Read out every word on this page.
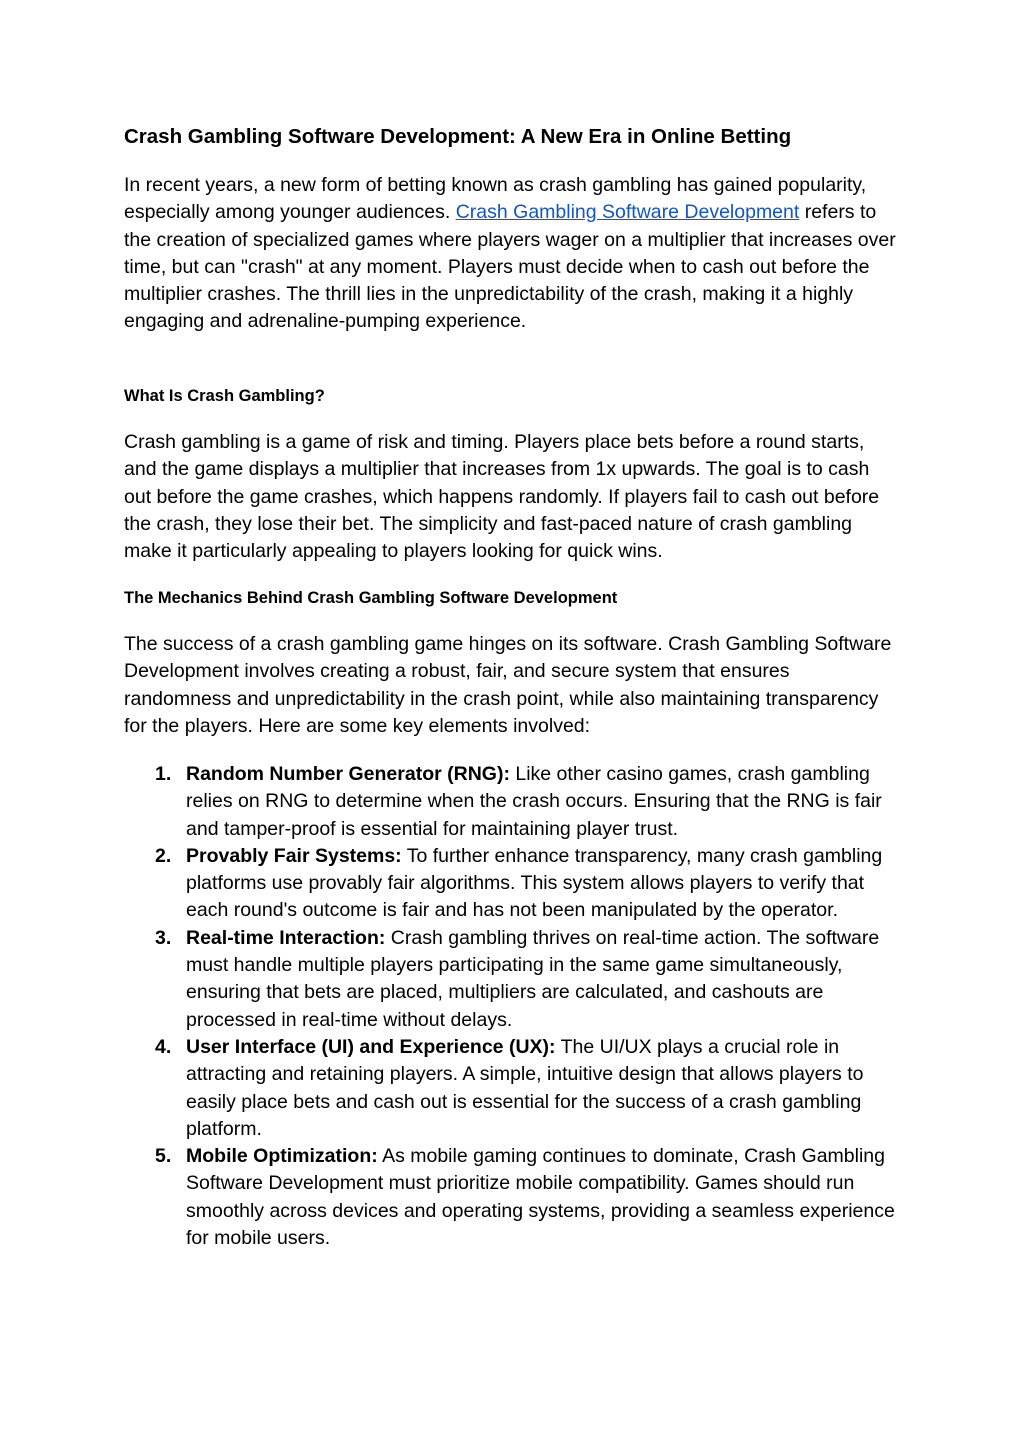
Crash Gambling Software Development: A New Era in Online Betting

In recent years, a new form of betting known as crash gambling has gained popularity, especially among younger audiences. Crash Gambling Software Development refers to the creation of specialized games where players wager on a multiplier that increases over time, but can "crash" at any moment. Players must decide when to cash out before the multiplier crashes. The thrill lies in the unpredictability of the crash, making it a highly engaging and adrenaline-pumping experience.

What Is Crash Gambling?

Crash gambling is a game of risk and timing. Players place bets before a round starts, and the game displays a multiplier that increases from 1x upwards. The goal is to cash out before the game crashes, which happens randomly. If players fail to cash out before the crash, they lose their bet. The simplicity and fast-paced nature of crash gambling make it particularly appealing to players looking for quick wins.

The Mechanics Behind Crash Gambling Software Development

The success of a crash gambling game hinges on its software. Crash Gambling Software Development involves creating a robust, fair, and secure system that ensures randomness and unpredictability in the crash point, while also maintaining transparency for the players. Here are some key elements involved:

1. Random Number Generator (RNG): Like other casino games, crash gambling relies on RNG to determine when the crash occurs. Ensuring that the RNG is fair and tamper-proof is essential for maintaining player trust.
2. Provably Fair Systems: To further enhance transparency, many crash gambling platforms use provably fair algorithms. This system allows players to verify that each round's outcome is fair and has not been manipulated by the operator.
3. Real-time Interaction: Crash gambling thrives on real-time action. The software must handle multiple players participating in the same game simultaneously, ensuring that bets are placed, multipliers are calculated, and cashouts are processed in real-time without delays.
4. User Interface (UI) and Experience (UX): The UI/UX plays a crucial role in attracting and retaining players. A simple, intuitive design that allows players to easily place bets and cash out is essential for the success of a crash gambling platform.
5. Mobile Optimization: As mobile gaming continues to dominate, Crash Gambling Software Development must prioritize mobile compatibility. Games should run smoothly across devices and operating systems, providing a seamless experience for mobile users.
